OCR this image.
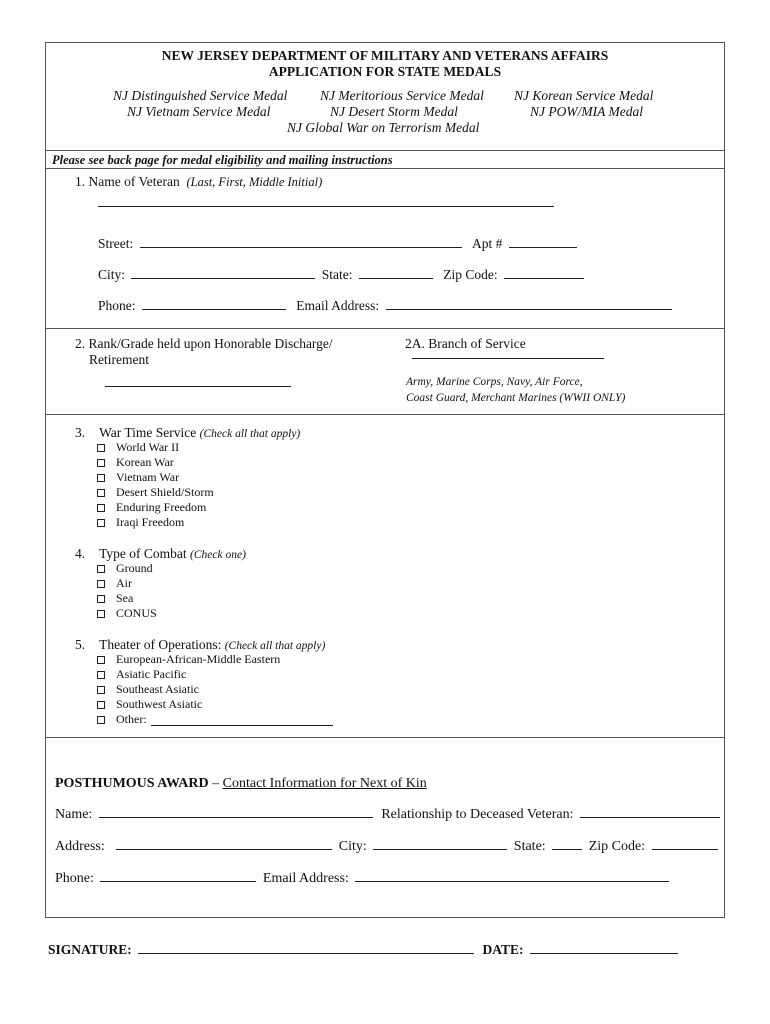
NEW JERSEY DEPARTMENT OF MILITARY AND VETERANS AFFAIRS
APPLICATION FOR STATE MEDALS
NJ Distinguished Service Medal NJ Meritorious Service Medal NJ Korean Service Medal
NJ Vietnam Service Medal	NJ Desert Storm Medal	NJ POW/MIA Medal
NJ Global War on Terrorism Medal
Please see back page for medal eligibility and mailing instructions
1. Name of Veteran (Last, First, Middle Initial)
Street:	Apt #
City:	State:	Zip Code:
Phone:	Email Address:
2. Rank/Grade held upon Honorable Discharge/
Retirement
2A. Branch of Service
Army, Marine Corps, Navy, Air Force,
Coast Guard, Merchant Marines (WWII ONLY)
3. War Time Service (Check all that apply)
World War II
Korean War
Vietnam War
Desert Shield/Storm
Enduring Freedom
Iraqi Freedom
4. Type of Combat (Check one)
Ground
Air
Sea
CONUS
5. Theater of Operations: (Check all that apply)
European-African-Middle Eastern
Asiatic Pacific
Southeast Asiatic
Southwest Asiatic
Other:
POSTHUMOUS AWARD – Contact Information for Next of Kin
Name:	Relationship to Deceased Veteran:
Address:	City:	State:	Zip Code:
Phone:	Email Address:
SIGNATURE:	DATE:
